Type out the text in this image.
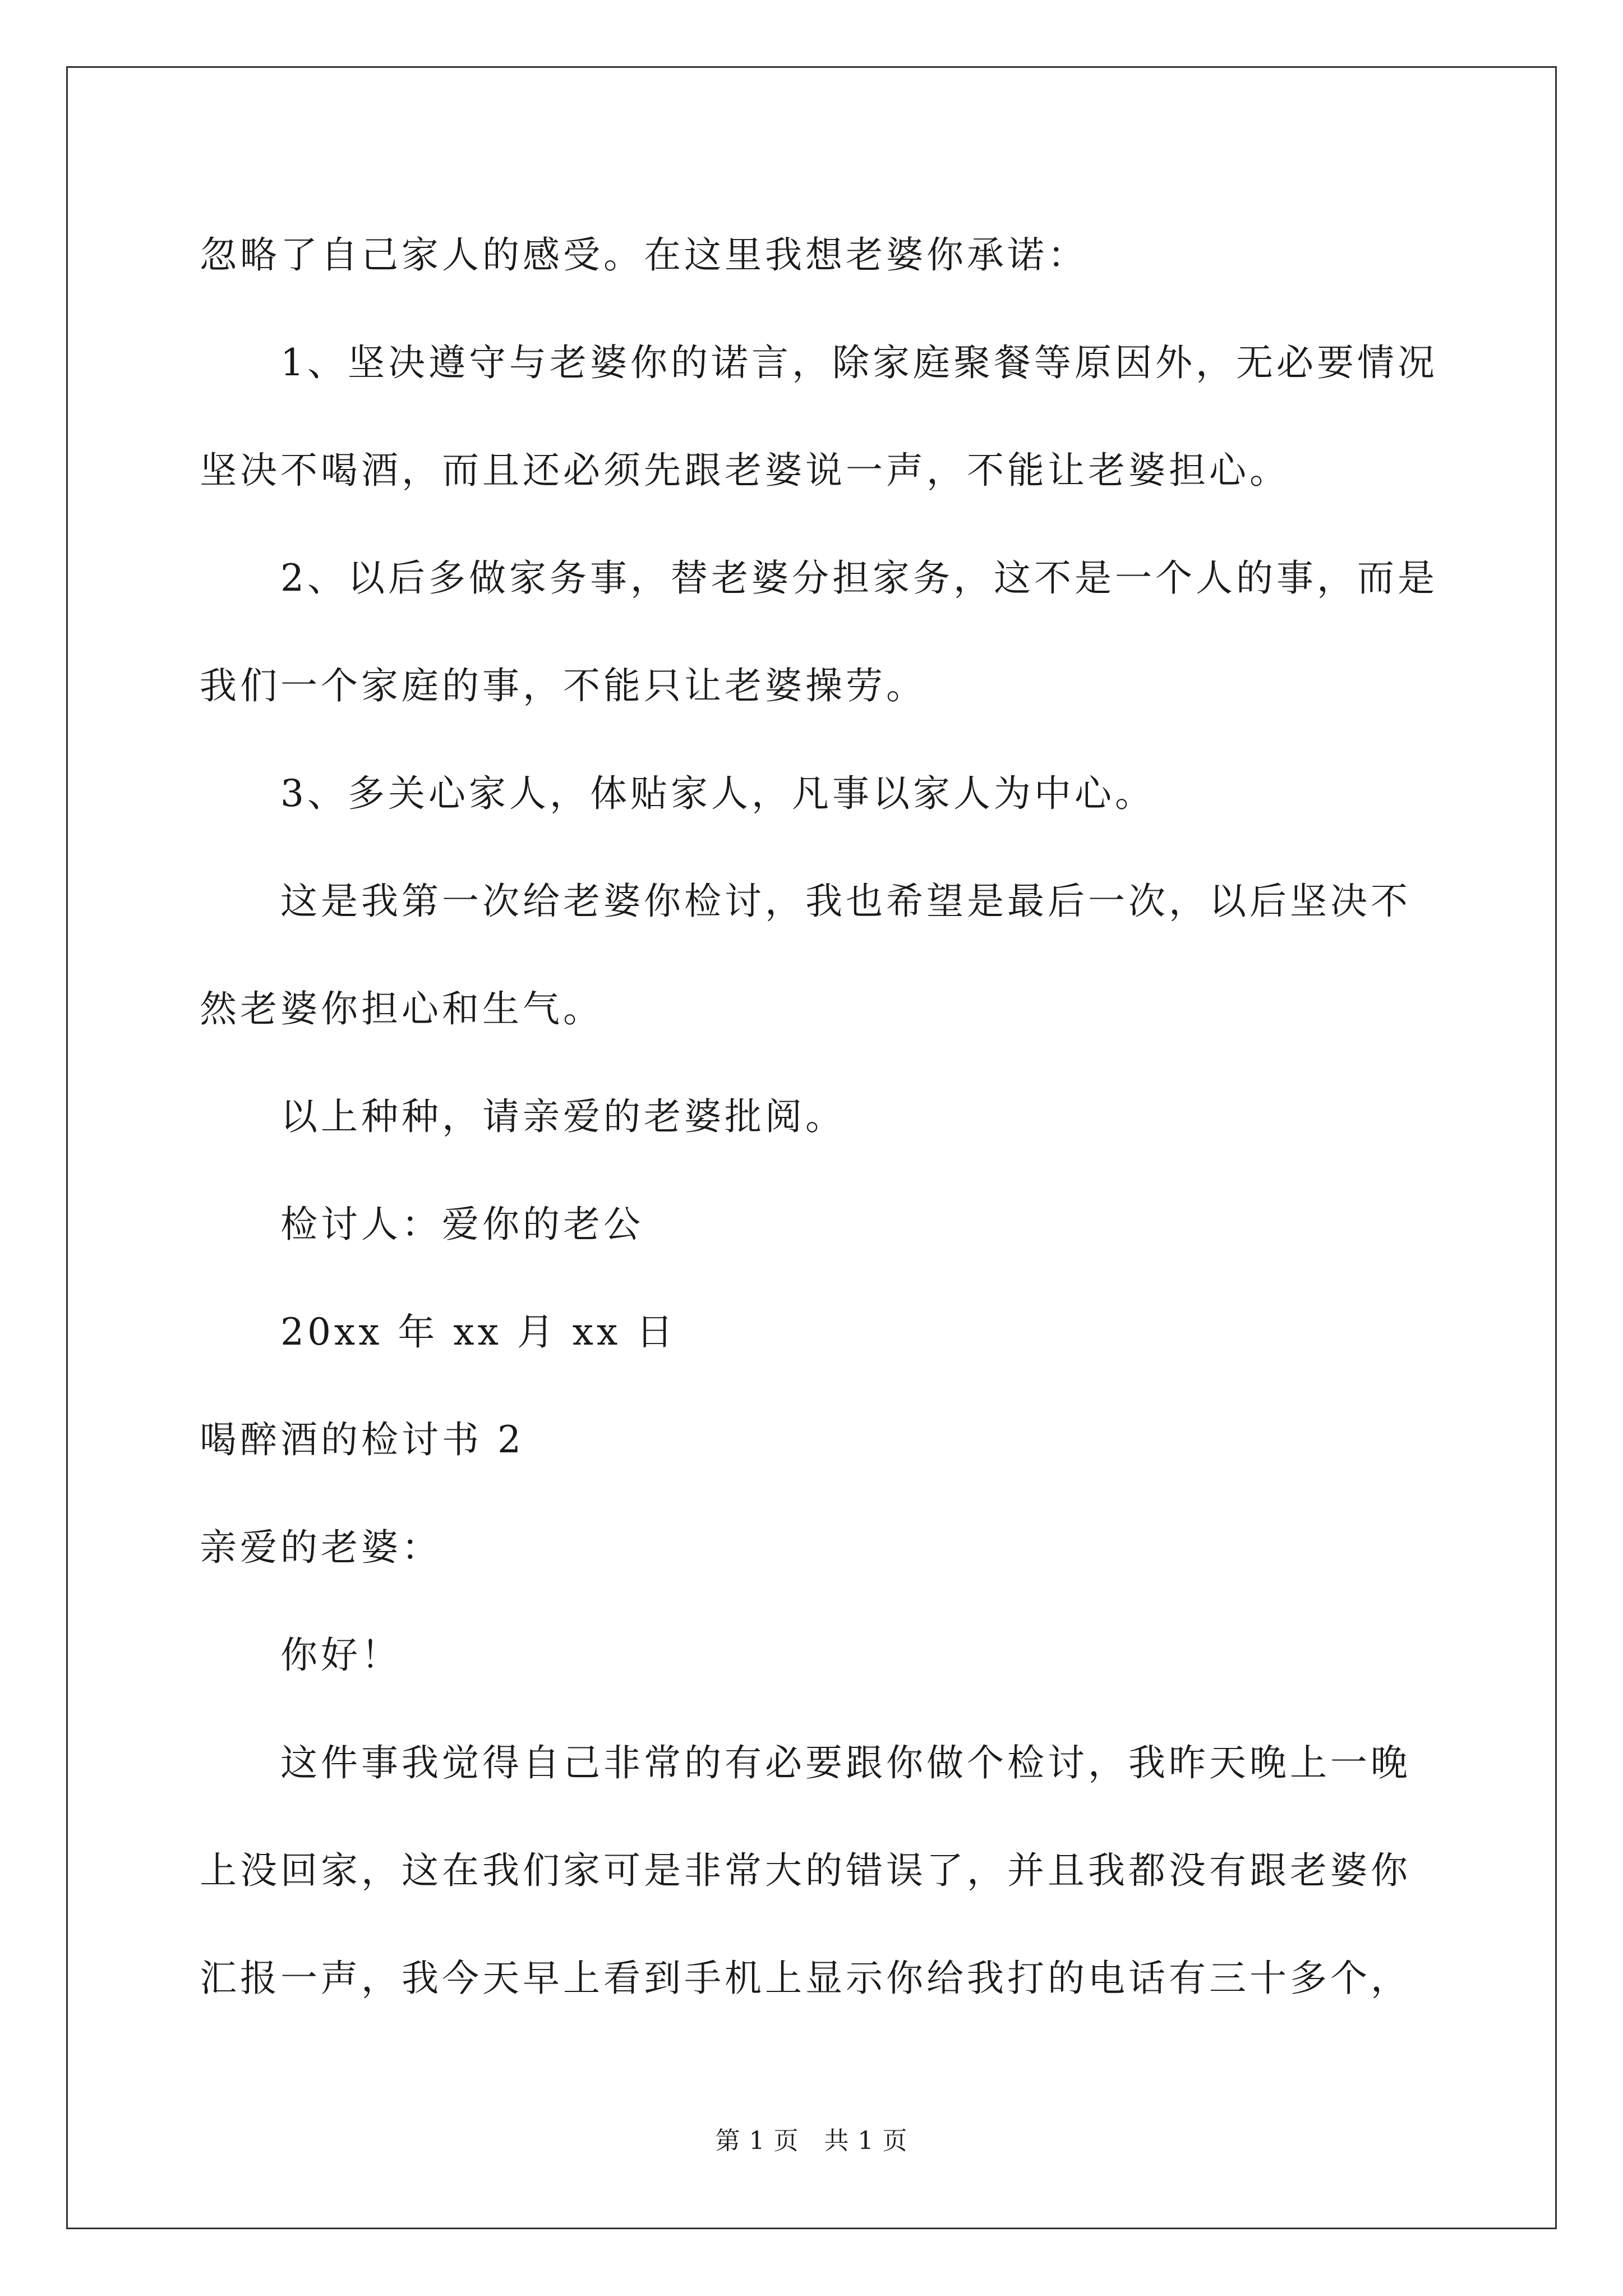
忽略了自己家人的感受。在这里我想老婆你承诺：
1、坚决遵守与老婆你的诺言，除家庭聚餐等原因外，无必要情况
坚决不喝酒，而且还必须先跟老婆说一声，不能让老婆担心。
2、以后多做家务事，替老婆分担家务，这不是一个人的事，而是
我们一个家庭的事，不能只让老婆操劳。
3、多关心家人，体贴家人，凡事以家人为中心。
这是我第一次给老婆你检讨，我也希望是最后一次，以后坚决不
然老婆你担心和生气。
以上种种，请亲爱的老婆批阅。
检讨人：爱你的老公
20xx 年 xx 月 xx 日
喝醉酒的检讨书 2
亲爱的老婆：
你好！
这件事我觉得自己非常的有必要跟你做个检讨，我昨天晚上一晚
上没回家，这在我们家可是非常大的错误了，并且我都没有跟老婆你
汇报一声，我今天早上看到手机上显示你给我打的电话有三十多个，
第 1 页　共 1 页
